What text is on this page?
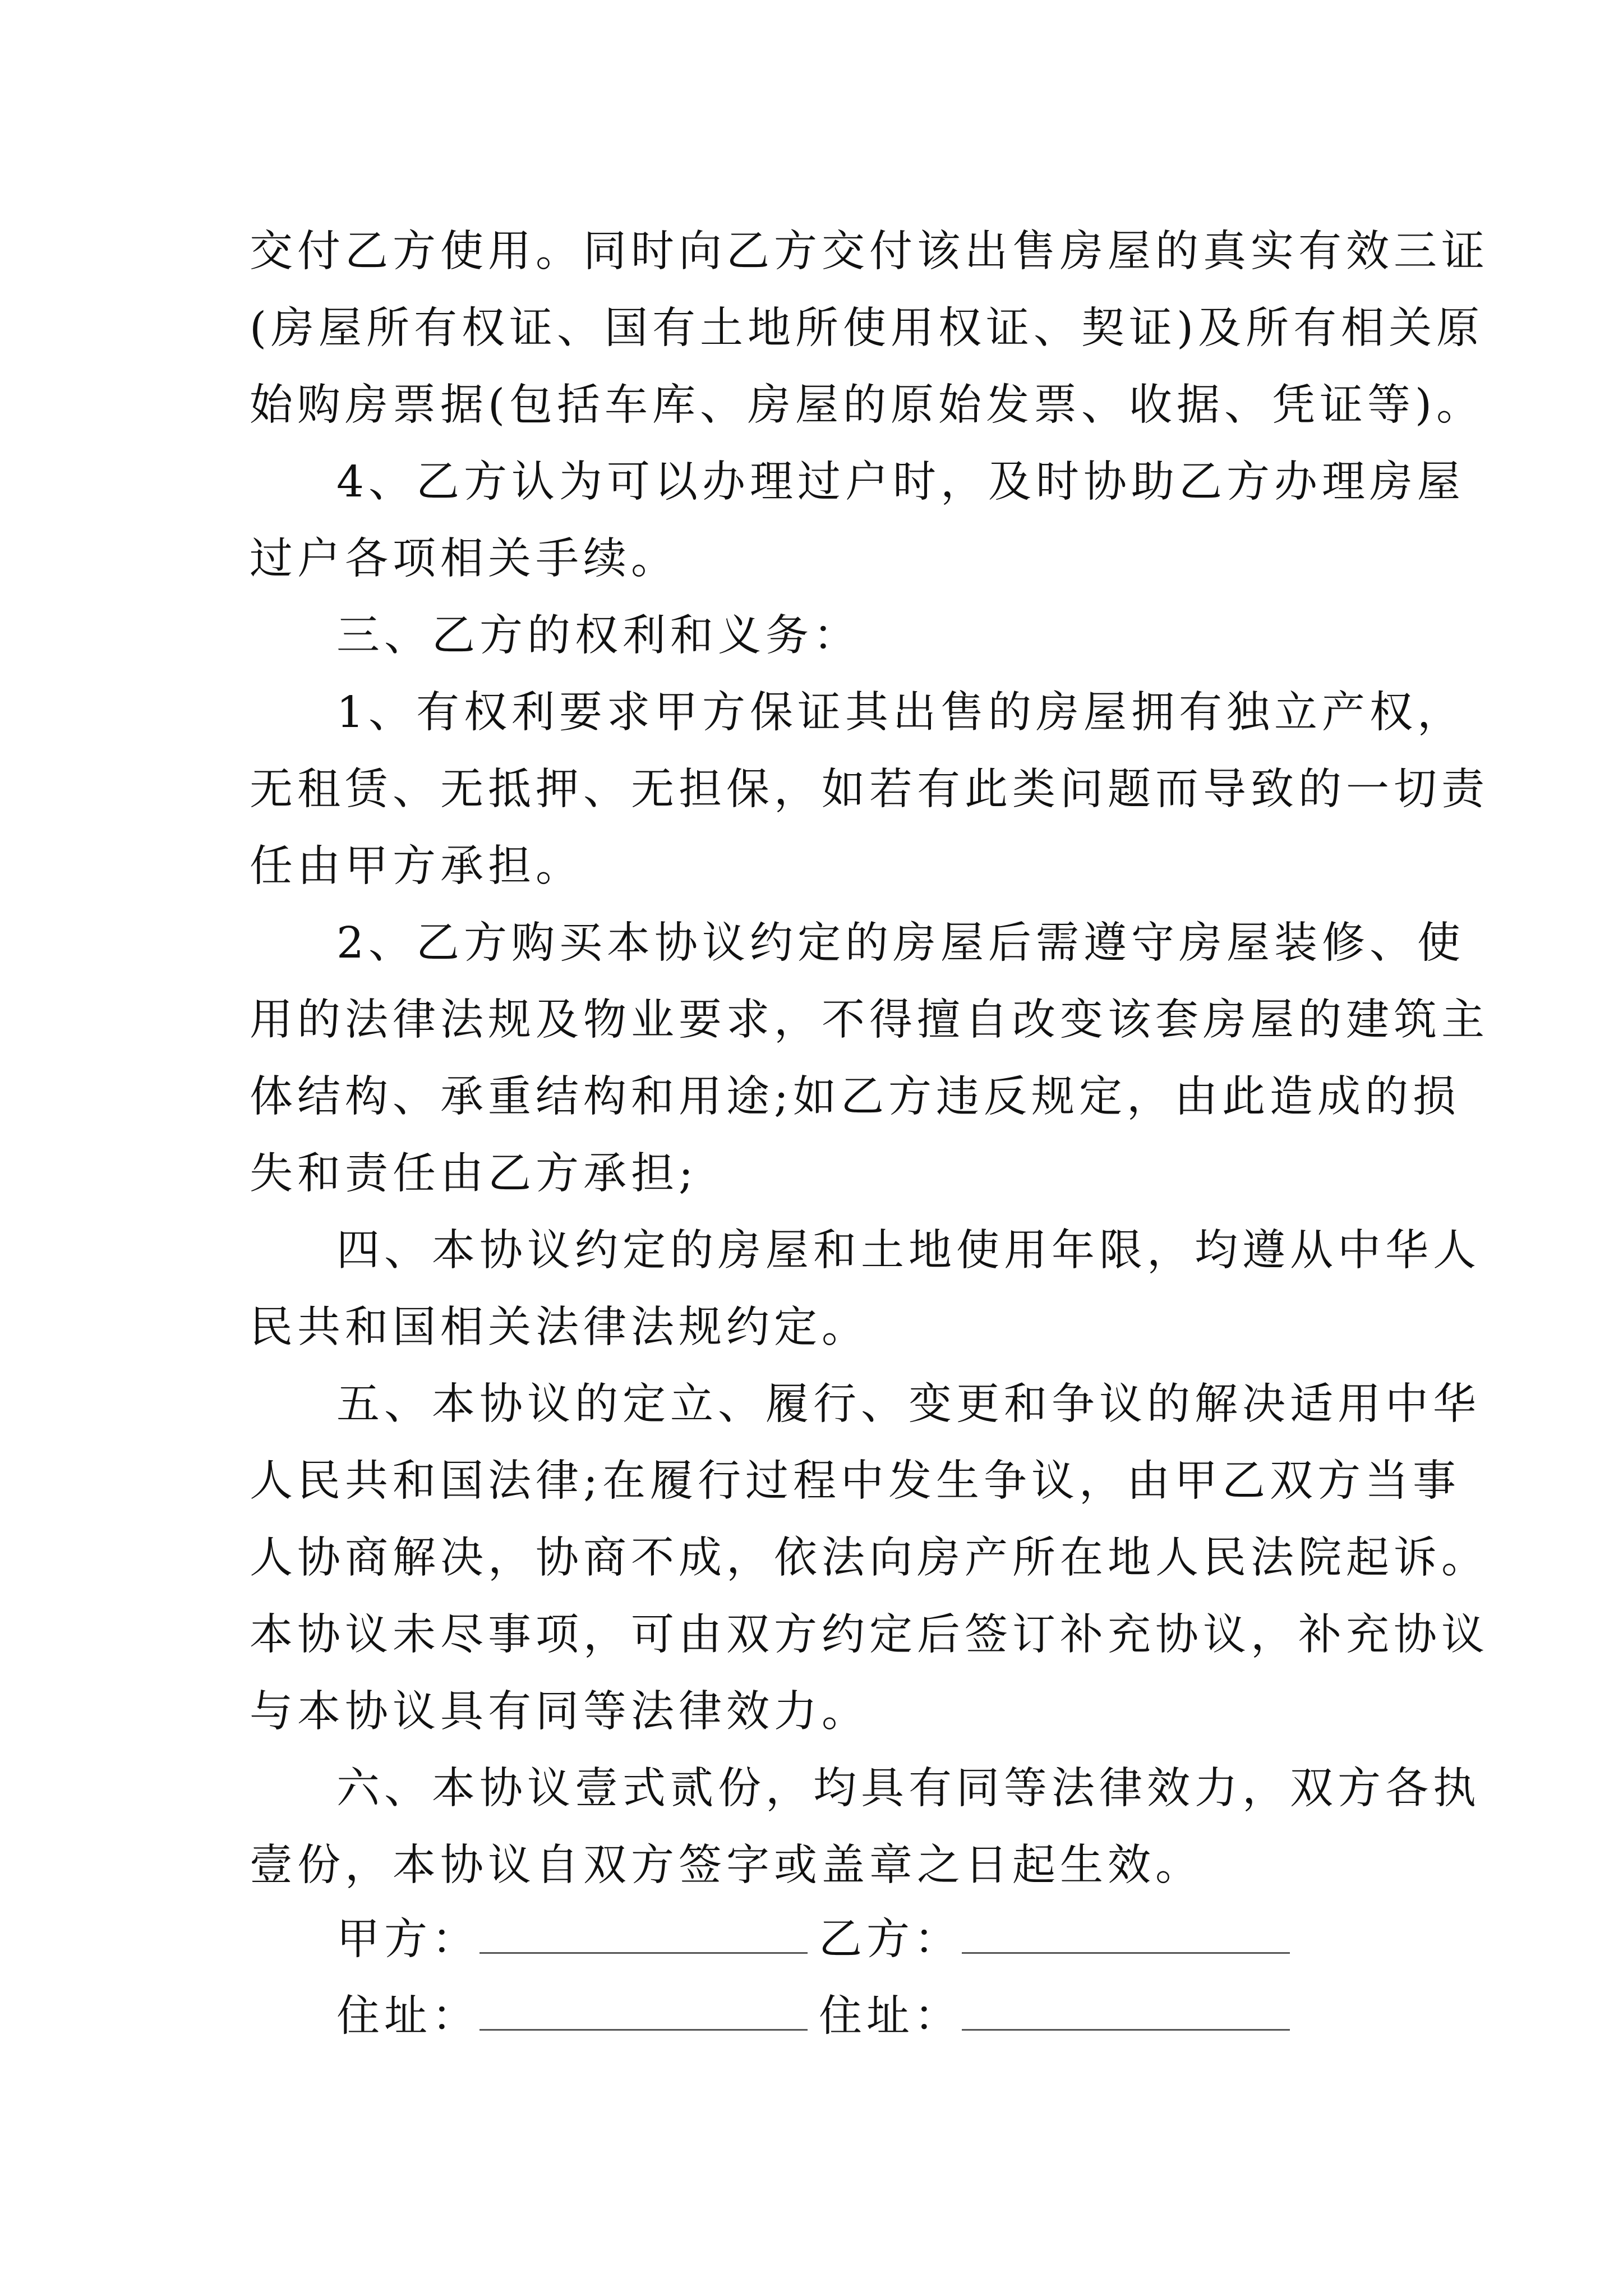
交付乙方使用。同时向乙方交付该出售房屋的真实有效三证
(房屋所有权证、国有土地所使用权证、契证)及所有相关原
始购房票据(包括车库、房屋的原始发票、收据、凭证等)。
4、乙方认为可以办理过户时，及时协助乙方办理房屋
过户各项相关手续。
三、乙方的权利和义务：
1、有权利要求甲方保证其出售的房屋拥有独立产权，
无租赁、无抵押、无担保，如若有此类问题而导致的一切责
任由甲方承担。
2、乙方购买本协议约定的房屋后需遵守房屋装修、使
用的法律法规及物业要求，不得擅自改变该套房屋的建筑主
体结构、承重结构和用途;如乙方违反规定，由此造成的损
失和责任由乙方承担;
四、本协议约定的房屋和土地使用年限，均遵从中华人
民共和国相关法律法规约定。
五、本协议的定立、履行、变更和争议的解决适用中华
人民共和国法律;在履行过程中发生争议，由甲乙双方当事
人协商解决，协商不成，依法向房产所在地人民法院起诉。
本协议未尽事项，可由双方约定后签订补充协议，补充协议
与本协议具有同等法律效力。
六、本协议壹式贰份，均具有同等法律效力，双方各执
壹份，本协议自双方签字或盖章之日起生效。
甲方：	乙方：
住址：	住址：
